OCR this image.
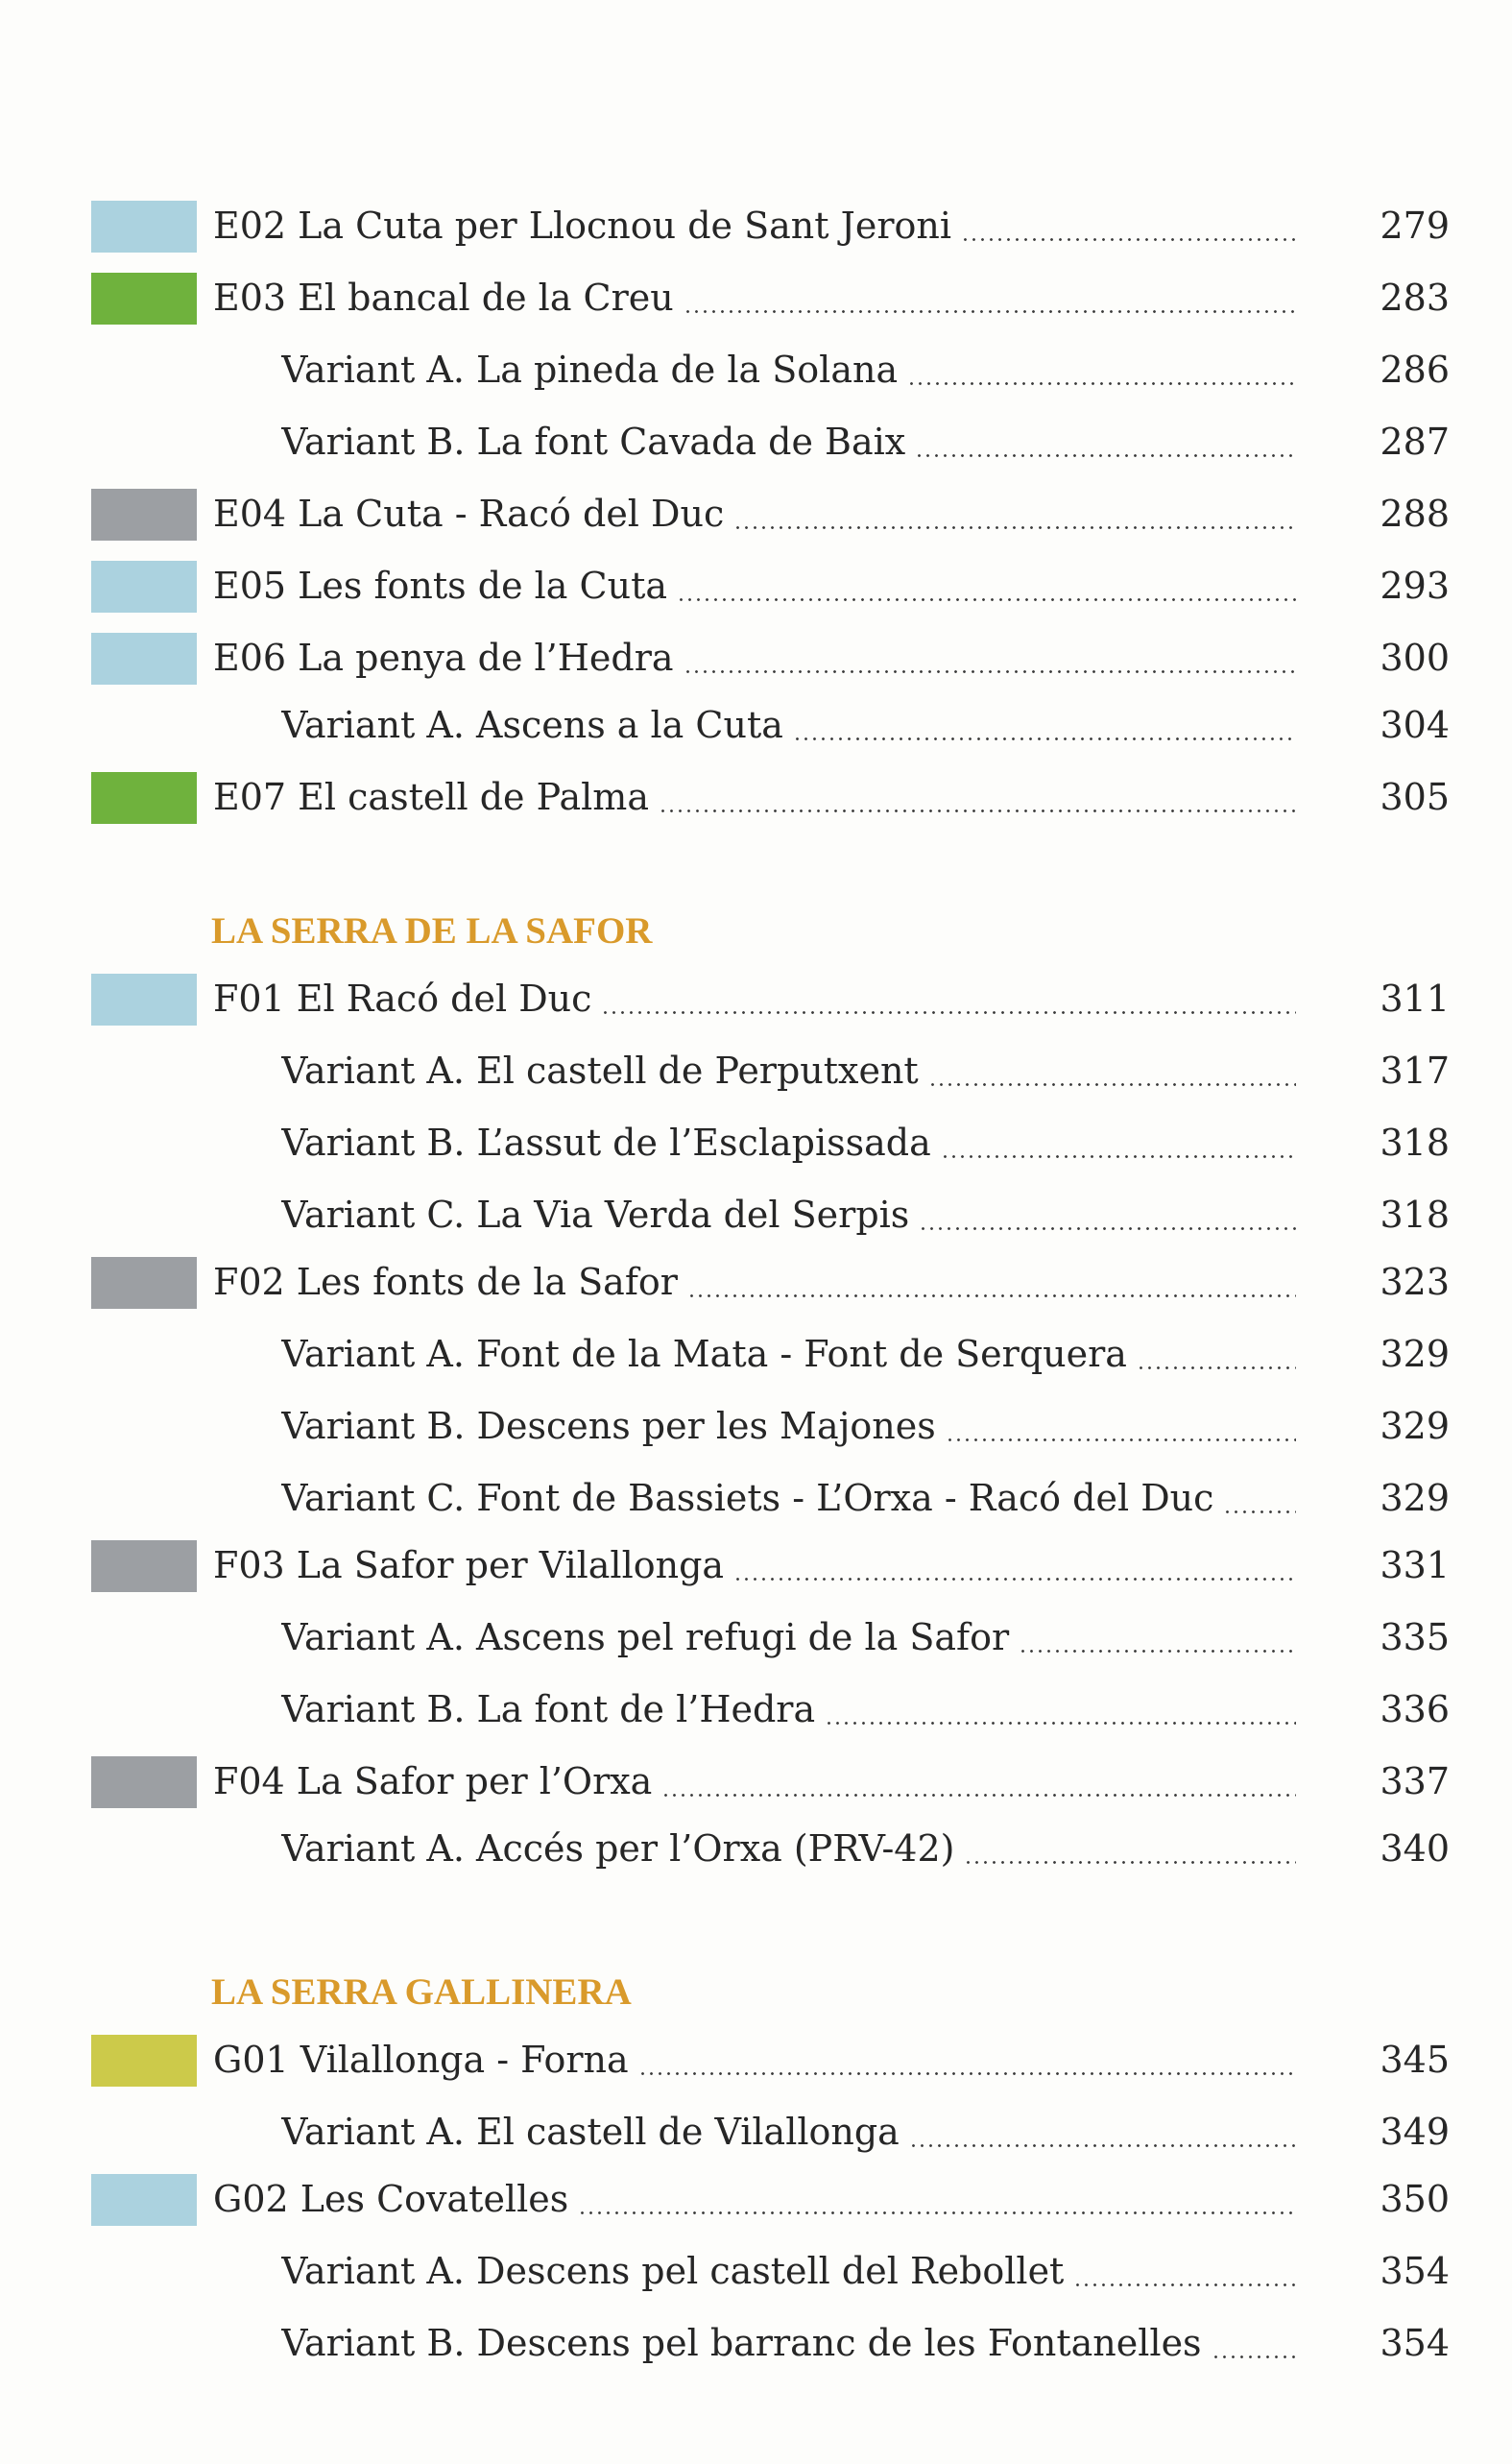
E02 La Cuta per Llocnou de Sant Jeroni	279
E03 El bancal de la Creu	283
Variant A. La pineda de la Solana	286
Variant B. La font Cavada de Baix	287
E04 La Cuta - Racó del Duc	288
E05 Les fonts de la Cuta	293
E06 La penya de l’Hedra	300
Variant A. Ascens a la Cuta	304
E07 El castell de Palma	305
LA SERRA DE LA SAFOR
F01 El Racó del Duc	311
Variant A. El castell de Perputxent	317
Variant B. L’assut de l’Esclapissada	318
Variant C. La Via Verda del Serpis	318
F02 Les fonts de la Safor	323
Variant A. Font de la Mata - Font de Serquera	329
Variant B. Descens per les Majones	329
Variant C. Font de Bassiets - L’Orxa - Racó del Duc	329
F03 La Safor per Vilallonga	331
Variant A. Ascens pel refugi de la Safor	335
Variant B. La font de l’Hedra	336
F04 La Safor per l’Orxa	337
Variant A. Accés per l’Orxa (PRV-42)	340
LA SERRA GALLINERA
G01 Vilallonga - Forna	345
Variant A. El castell de Vilallonga	349
G02 Les Covatelles	350
Variant A. Descens pel castell del Rebollet	354
Variant B. Descens pel barranc de les Fontanelles	354
